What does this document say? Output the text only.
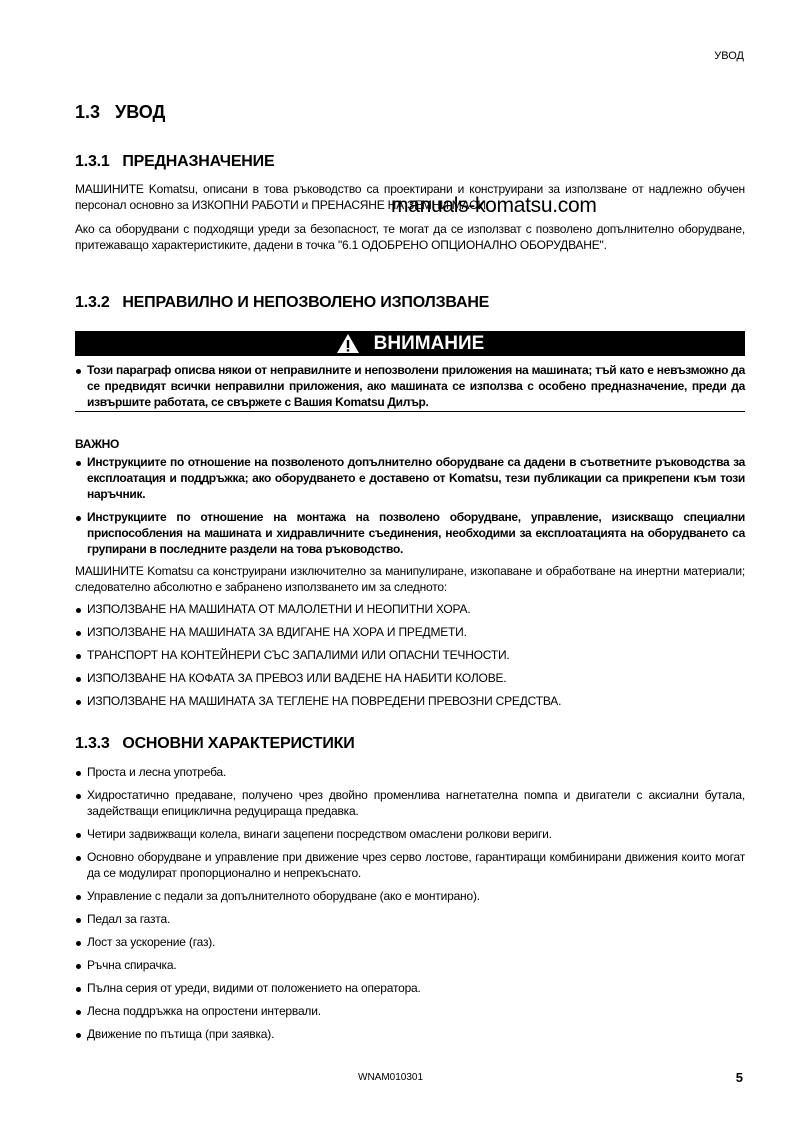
УВОД
1.3 УВОД
1.3.1   ПРЕДНАЗНАЧЕНИЕ

МАШИНИТЕ Komatsu, описани в това ръководство са проектирани и конструирани за използване от надлежно обучен персонал основно за ИЗКОПНИ РАБОТИ и ПРЕНАСЯНЕ НА ЗЕМНИ МАСИ.

Ако са оборудвани с подходящи уреди за безопасност, те могат да се използват с позволено допълнително оборудване, притежаващо характеристиките, дадени в точка "6.1 ОДОБРЕНО ОПЦИОНАЛНО ОБОРУДВАНЕ".

manuals-komatsu.com
1.3.2   НЕПРАВИЛНО И НЕПОЗВОЛЕНО ИЗПОЛЗВАНЕ
ВНИМАНИЕ
Този параграф описва някои от неправилните и непозволени приложения на машината; тъй като е невъзможно да се предвидят всички неправилни приложения, ако машината се използва с особено предназначение, преди да извършите работата, се свържете с Вашия Komatsu Дилър.
ВАЖНО
Инструкциите по отношение на позволеното допълнително оборудване са дадени в съответните ръководства за експлоатация и поддръжка; ако оборудването е доставено от Komatsu, тези публикации са прикрепени към този наръчник.
Инструкциите по отношение на монтажа на позволено оборудване, управление, изискващо специални приспособления на машината и хидравличните съединения, необходими за експлоатацията на оборудването са групирани в последните раздели на това ръководство.

МАШИНИТЕ Komatsu са конструирани изключително за манипулиране, изкопаване и обработване на инертни материали; следователно абсолютно е забранено използването им за следното:

ИЗПОЛЗВАНЕ НА МАШИНАТА ОТ МАЛОЛЕТНИ И НЕОПИТНИ ХОРА.
ИЗПОЛЗВАНЕ НА МАШИНАТА ЗА ВДИГАНЕ НА ХОРА И ПРЕДМЕТИ.
ТРАНСПОРТ НА КОНТЕЙНЕРИ СЪС ЗАПАЛИМИ ИЛИ ОПАСНИ ТЕЧНОСТИ.
ИЗПОЛЗВАНЕ НА КОФАТА ЗА ПРЕВОЗ ИЛИ ВАДЕНЕ НА НАБИТИ КОЛОВЕ.
ИЗПОЛЗВАНЕ НА МАШИНАТА ЗА ТЕГЛЕНЕ НА ПОВРЕДЕНИ ПРЕВОЗНИ СРЕДСТВА.
1.3.3   ОСНОВНИ ХАРАКТЕРИСТИКИ
Проста и лесна употреба.
Хидростатично предаване, получено чрез двойно променлива нагнетателна помпа и двигатели с аксиални бутала, задействащи епициклична редуцираща предавка.
Четири задвижващи колела, винаги зацепени посредством омаслени ролкови вериги.
Основно оборудване и управление при движение чрез серво лостове, гарантиращи комбинирани движения които могат да се модулират пропорционално и непрекъснато.
Управление с педали за допълнителното оборудване (ако е монтирано).
Педал за газта.
Лост за ускорение (газ).
Ръчна спирачка.
Пълна серия от уреди, видими от положението на оператора.
Лесна поддръжка на опростени интервали.
Движение по пътища (при заявка).
WNAM010301	5
